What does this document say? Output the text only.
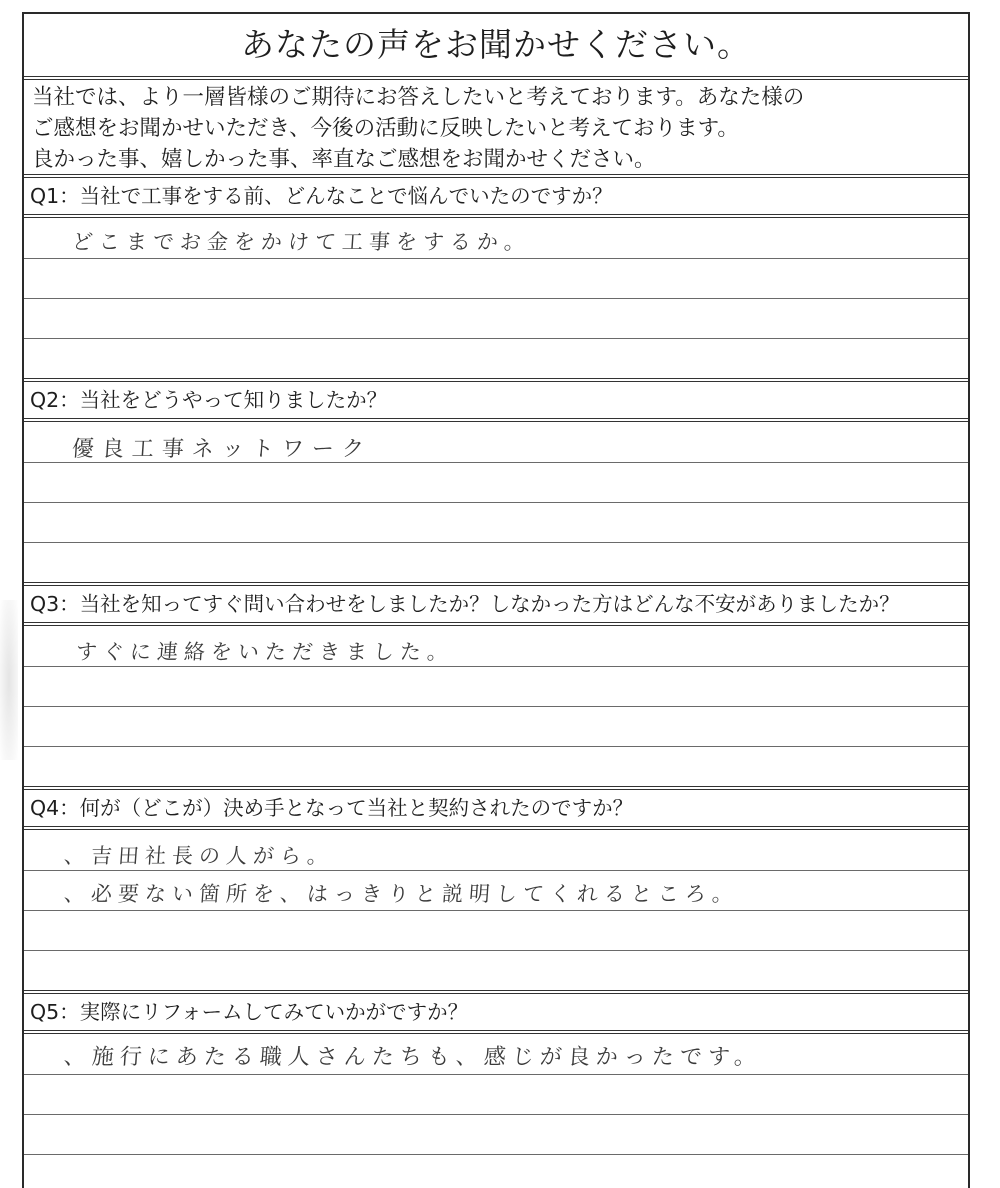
あなたの声をお聞かせください。
当社では、より一層皆様のご期待にお答えしたいと考えております。あなた様の
ご感想をお聞かせいただき、今後の活動に反映したいと考えております。
良かった事、嬉しかった事、率直なご感想をお聞かせください。
Q1：当社で工事をする前、どんなことで悩んでいたのですか？
どこまでお金をかけて工事をするか。
Q2：当社をどうやって知りましたか？
優良工事ネットワーク
Q3：当社を知ってすぐ問い合わせをしましたか？しなかった方はどんな不安がありましたか？
すぐに連絡をいただきました。
Q4：何が（どこが）決め手となって当社と契約されたのですか？
、吉田社長の人がら。
、必要ない箇所を、はっきりと説明してくれるところ。
Q5：実際にリフォームしてみていかがですか？
、施行にあたる職人さんたちも、感じが良かったです。
